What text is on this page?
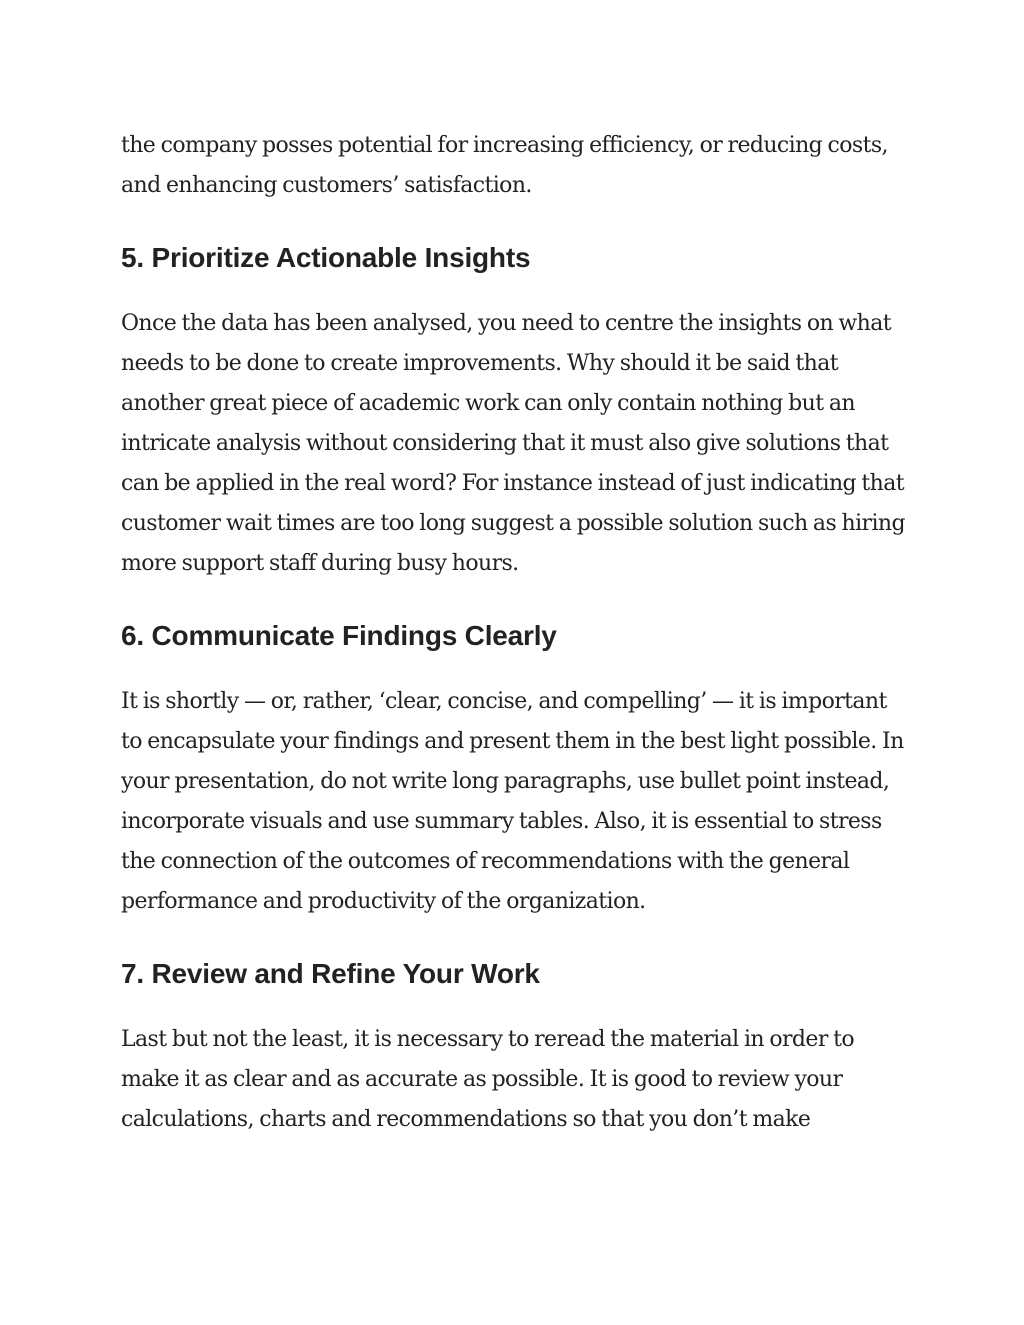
the company posses potential for increasing efficiency, or reducing costs, and enhancing customers’ satisfaction.

5. Prioritize Actionable Insights

Once the data has been analysed, you need to centre the insights on what needs to be done to create improvements. Why should it be said that another great piece of academic work can only contain nothing but an intricate analysis without considering that it must also give solutions that can be applied in the real word? For instance instead of just indicating that customer wait times are too long suggest a possible solution such as hiring more support staff during busy hours.

6. Communicate Findings Clearly

It is shortly — or, rather, ‘clear, concise, and compelling’ — it is important to encapsulate your findings and present them in the best light possible. In your presentation, do not write long paragraphs, use bullet point instead, incorporate visuals and use summary tables. Also, it is essential to stress the connection of the outcomes of recommendations with the general performance and productivity of the organization.

7. Review and Refine Your Work

Last but not the least, it is necessary to reread the material in order to make it as clear and as accurate as possible. It is good to review your calculations, charts and recommendations so that you don’t make
